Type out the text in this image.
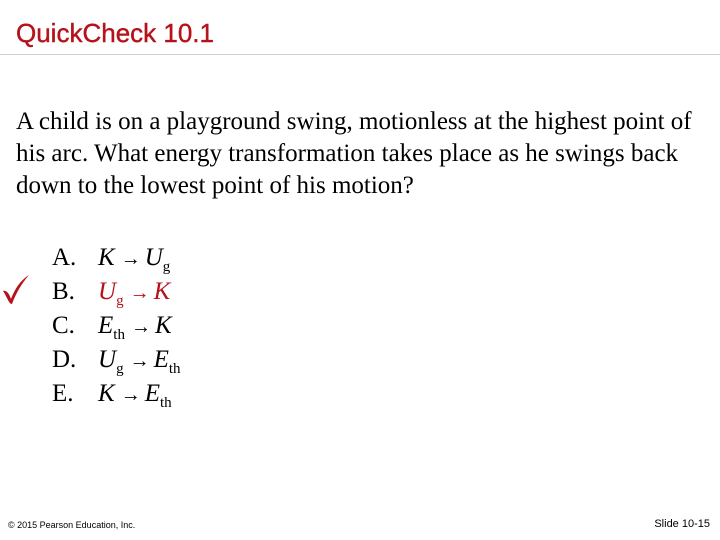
QuickCheck 10.1
A child is on a playground swing, motionless at the highest point of his arc. What energy transformation takes place as he swings back down to the lowest point of his motion?
A. $K \to U_g$
B. $U_g \to K$
C. $E_{th} \to K$
D. $U_g \to E_{th}$
E. $K \to E_{th}$
© 2015 Pearson Education, Inc.	Slide 10-15
